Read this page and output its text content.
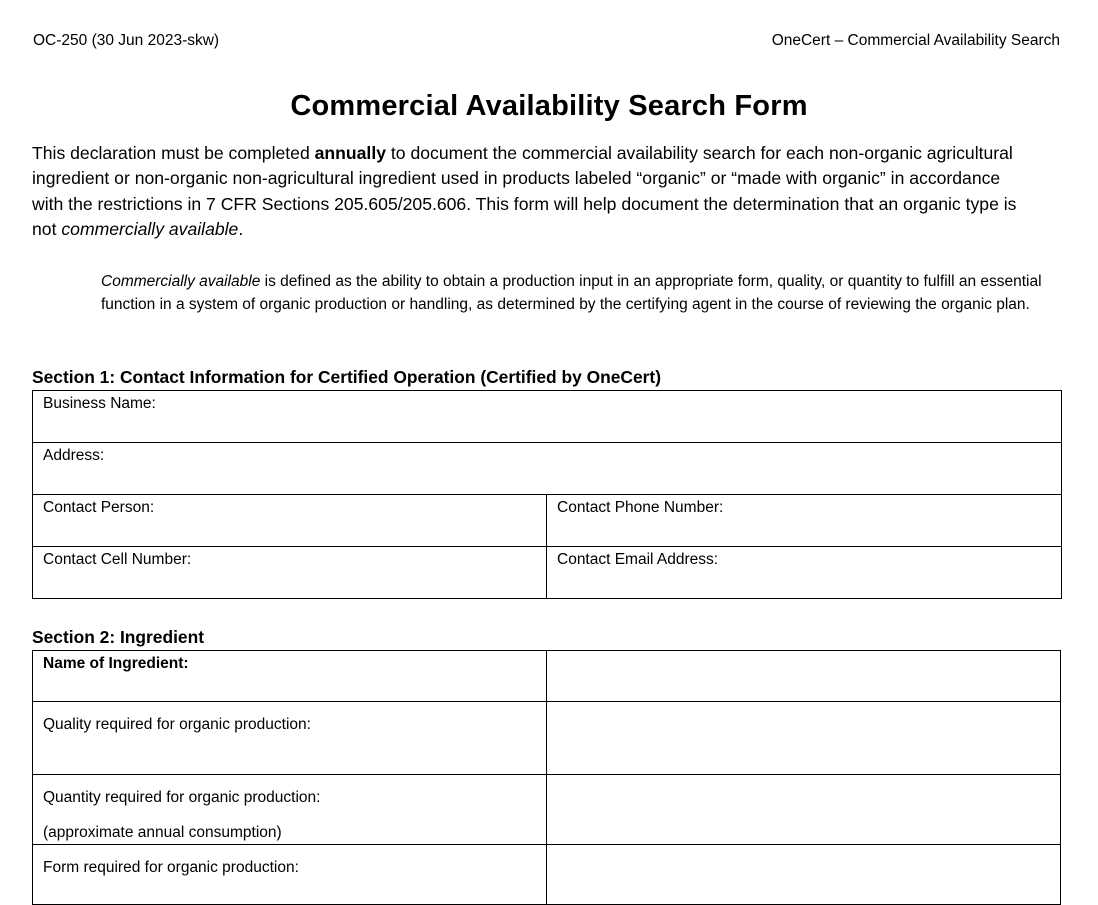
OC-250 (30 Jun 2023-skw)	OneCert – Commercial Availability Search
Commercial Availability Search Form
This declaration must be completed annually to document the commercial availability search for each non-organic agricultural ingredient or non-organic non-agricultural ingredient used in products labeled “organic” or “made with organic” in accordance with the restrictions in 7 CFR Sections 205.605/205.606. This form will help document the determination that an organic type is not commercially available.
Commercially available is defined as the ability to obtain a production input in an appropriate form, quality, or quantity to fulfill an essential function in a system of organic production or handling, as determined by the certifying agent in the course of reviewing the organic plan.
Section 1: Contact Information for Certified Operation (Certified by OneCert)
Business Name:	
Address:	
Contact Person:	Contact Phone Number:
Contact Cell Number:	Contact Email Address:
Section 2: Ingredient
Name of Ingredient:	
Quality required for organic production:	
Quantity required for organic production:
(approximate annual consumption)	

Form required for organic production:	
